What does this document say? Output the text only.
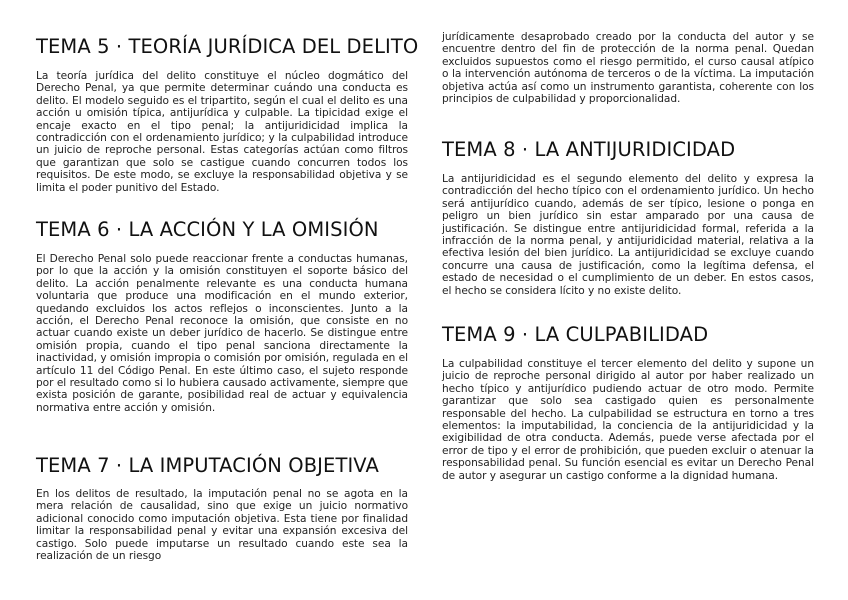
TEMA 5 · TEORÍA JURÍDICA DEL DELITO

La teoría jurídica del delito constituye el núcleo dogmático del Derecho Penal, ya que permite determinar cuándo una conducta es delito. El modelo seguido es el tripartito, según el cual el delito es una acción u omisión típica, antijurídica y culpable. La tipicidad exige el encaje exacto en el tipo penal; la antijuridicidad implica la contradicción con el ordenamiento jurídico; y la culpabilidad introduce un juicio de reproche personal. Estas categorías actúan como filtros que garantizan que solo se castigue cuando concurren todos los requisitos. De este modo, se excluye la responsabilidad objetiva y se limita el poder punitivo del Estado.

TEMA 6 · LA ACCIÓN Y LA OMISIÓN

El Derecho Penal solo puede reaccionar frente a conductas humanas, por lo que la acción y la omisión constituyen el soporte básico del delito. La acción penalmente relevante es una conducta humana voluntaria que produce una modificación en el mundo exterior, quedando excluidos los actos reflejos o inconscientes. Junto a la acción, el Derecho Penal reconoce la omisión, que consiste en no actuar cuando existe un deber jurídico de hacerlo. Se distingue entre omisión propia, cuando el tipo penal sanciona directamente la inactividad, y omisión impropia o comisión por omisión, regulada en el artículo 11 del Código Penal. En este último caso, el sujeto responde por el resultado como si lo hubiera causado activamente, siempre que exista posición de garante, posibilidad real de actuar y equivalencia normativa entre acción y omisión.

TEMA 7 · LA IMPUTACIÓN OBJETIVA

En los delitos de resultado, la imputación penal no se agota en la mera relación de causalidad, sino que exige un juicio normativo adicional conocido como imputación objetiva. Esta tiene por finalidad limitar la responsabilidad penal y evitar una expansión excesiva del castigo. Solo puede imputarse un resultado cuando este sea la realización de un riesgo

jurídicamente desaprobado creado por la conducta del autor y se encuentre dentro del fin de protección de la norma penal. Quedan excluidos supuestos como el riesgo permitido, el curso causal atípico o la intervención autónoma de terceros o de la víctima. La imputación objetiva actúa así como un instrumento garantista, coherente con los principios de culpabilidad y proporcionalidad.

TEMA 8 · LA ANTIJURIDICIDAD

La antijuridicidad es el segundo elemento del delito y expresa la contradicción del hecho típico con el ordenamiento jurídico. Un hecho será antijurídico cuando, además de ser típico, lesione o ponga en peligro un bien jurídico sin estar amparado por una causa de justificación. Se distingue entre antijuridicidad formal, referida a la infracción de la norma penal, y antijuridicidad material, relativa a la efectiva lesión del bien jurídico. La antijuridicidad se excluye cuando concurre una causa de justificación, como la legítima defensa, el estado de necesidad o el cumplimiento de un deber. En estos casos, el hecho se considera lícito y no existe delito.

TEMA 9 · LA CULPABILIDAD

La culpabilidad constituye el tercer elemento del delito y supone un juicio de reproche personal dirigido al autor por haber realizado un hecho típico y antijurídico pudiendo actuar de otro modo. Permite garantizar que solo sea castigado quien es personalmente responsable del hecho. La culpabilidad se estructura en torno a tres elementos: la imputabilidad, la conciencia de la antijuridicidad y la exigibilidad de otra conducta. Además, puede verse afectada por el error de tipo y el error de prohibición, que pueden excluir o atenuar la responsabilidad penal. Su función esencial es evitar un Derecho Penal de autor y asegurar un castigo conforme a la dignidad humana.
